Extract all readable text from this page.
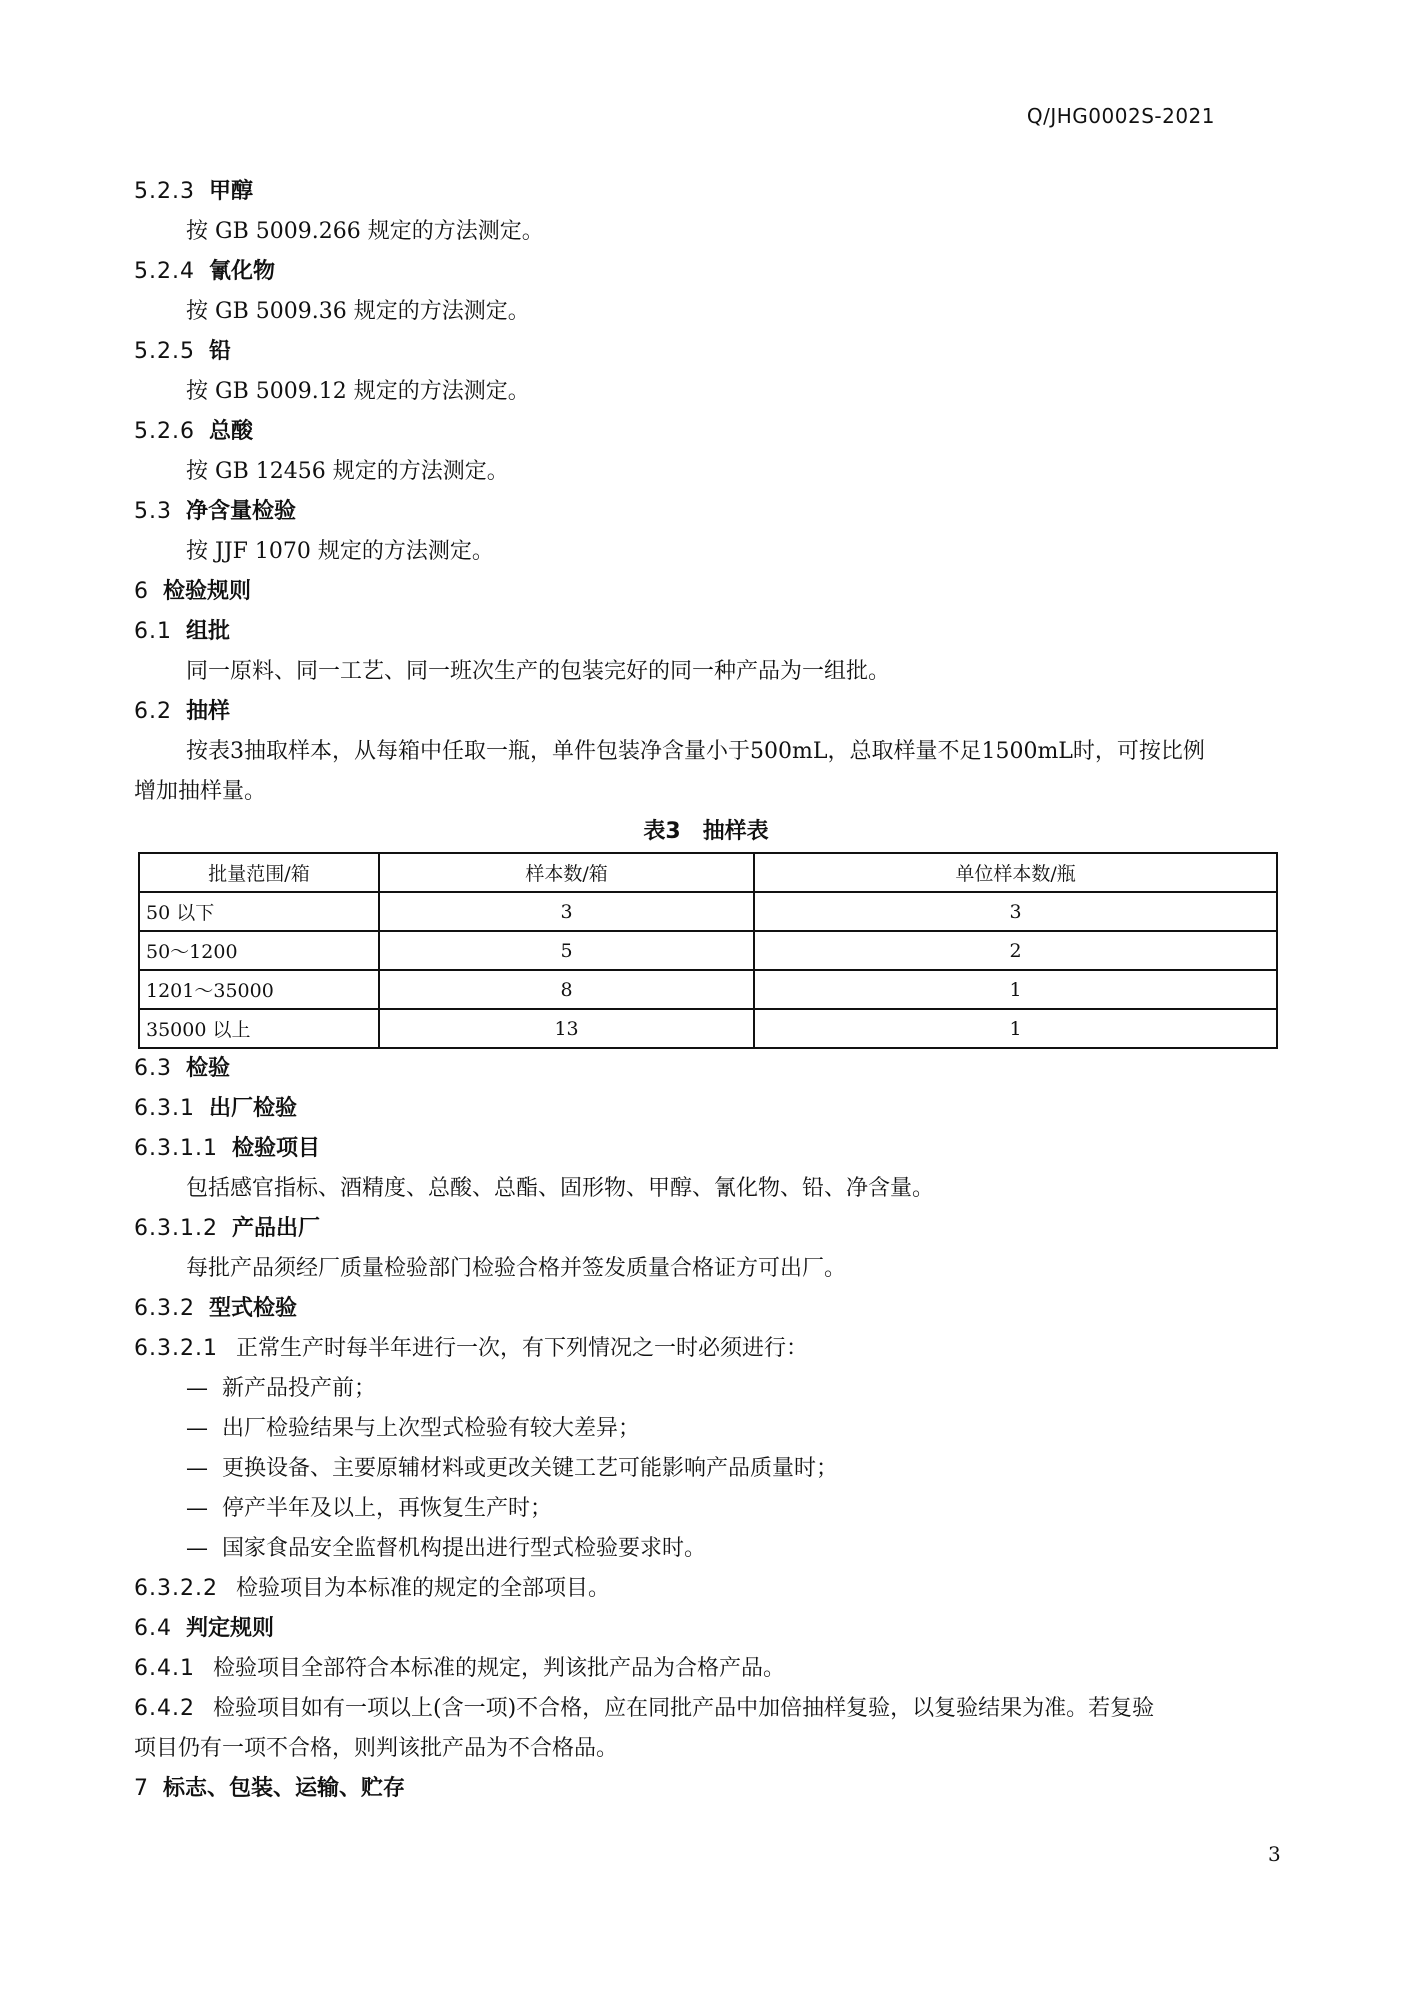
Q/JHG0002S-2021
5.2.3 甲醇
按 GB 5009.266 规定的方法测定。
5.2.4 氰化物
按 GB 5009.36 规定的方法测定。
5.2.5 铅
按 GB 5009.12 规定的方法测定。
5.2.6 总酸
按 GB 12456 规定的方法测定。
5.3 净含量检验
按 JJF 1070 规定的方法测定。
6 检验规则
6.1 组批
同一原料、同一工艺、同一班次生产的包装完好的同一种产品为一组批。
6.2 抽样
按表3抽取样本，从每箱中任取一瓶，单件包装净含量小于500mL，总取样量不足1500mL时，可按比例
增加抽样量。
表3　抽样表
批量范围/箱	样本数/箱	单位样本数/瓶
50 以下	3	3
50～1200	5	2
1201～35000	8	1
35000 以上	13	1
6.3 检验
6.3.1 出厂检验
6.3.1.1 检验项目
包括感官指标、酒精度、总酸、总酯、固形物、甲醇、氰化物、铅、净含量。
6.3.1.2 产品出厂
每批产品须经厂质量检验部门检验合格并签发质量合格证方可出厂。
6.3.2 型式检验
6.3.2.1 正常生产时每半年进行一次，有下列情况之一时必须进行：
— 新产品投产前；
— 出厂检验结果与上次型式检验有较大差异；
— 更换设备、主要原辅材料或更改关键工艺可能影响产品质量时；
— 停产半年及以上，再恢复生产时；
— 国家食品安全监督机构提出进行型式检验要求时。
6.3.2.2 检验项目为本标准的规定的全部项目。
6.4 判定规则
6.4.1 检验项目全部符合本标准的规定，判该批产品为合格产品。
6.4.2 检验项目如有一项以上(含一项)不合格，应在同批产品中加倍抽样复验，以复验结果为准。若复验
项目仍有一项不合格，则判该批产品为不合格品。
7 标志、包装、运输、贮存
3
